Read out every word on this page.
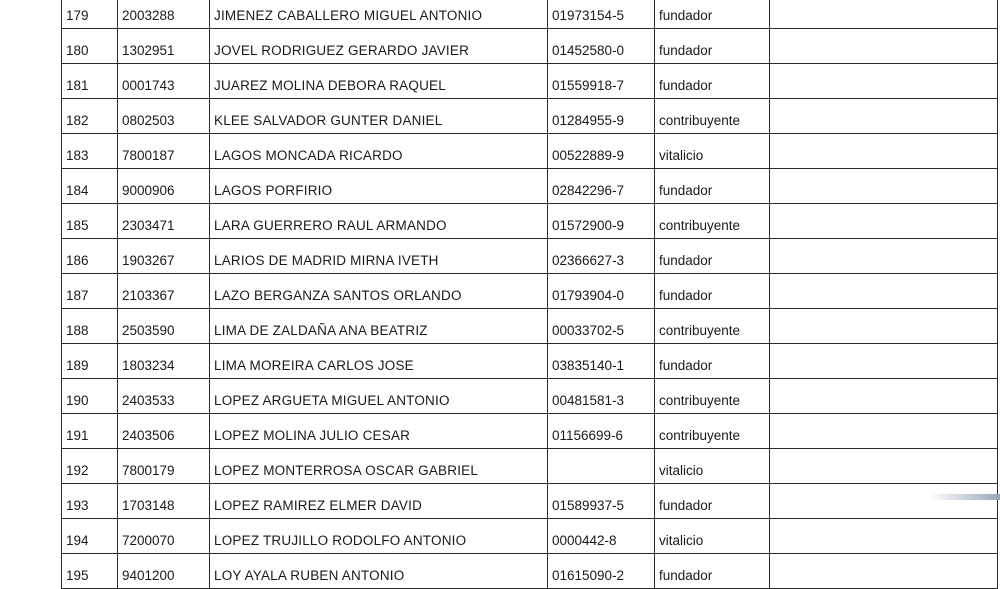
179	2003288	JIMENEZ CABALLERO MIGUEL ANTONIO	01973154-5	fundador	
180	1302951	JOVEL RODRIGUEZ GERARDO JAVIER	01452580-0	fundador	
181	0001743	JUAREZ MOLINA DEBORA RAQUEL	01559918-7	fundador	
182	0802503	KLEE SALVADOR GUNTER DANIEL	01284955-9	contribuyente	
183	7800187	LAGOS MONCADA RICARDO	00522889-9	vitalicio	
184	9000906	LAGOS PORFIRIO	02842296-7	fundador	
185	2303471	LARA GUERRERO RAUL ARMANDO	01572900-9	contribuyente	
186	1903267	LARIOS DE MADRID MIRNA IVETH	02366627-3	fundador	
187	2103367	LAZO BERGANZA SANTOS ORLANDO	01793904-0	fundador	
188	2503590	LIMA DE ZALDAÑA ANA BEATRIZ	00033702-5	contribuyente	
189	1803234	LIMA MOREIRA CARLOS JOSE	03835140-1	fundador	
190	2403533	LOPEZ ARGUETA MIGUEL ANTONIO	00481581-3	contribuyente	
191	2403506	LOPEZ MOLINA JULIO CESAR	01156699-6	contribuyente	
192	7800179	LOPEZ MONTERROSA OSCAR GABRIEL		vitalicio	
193	1703148	LOPEZ RAMIREZ ELMER DAVID	01589937-5	fundador	
194	7200070	LOPEZ TRUJILLO RODOLFO ANTONIO	0000442-8	vitalicio	
195	9401200	LOY AYALA RUBEN ANTONIO	01615090-2	fundador	
